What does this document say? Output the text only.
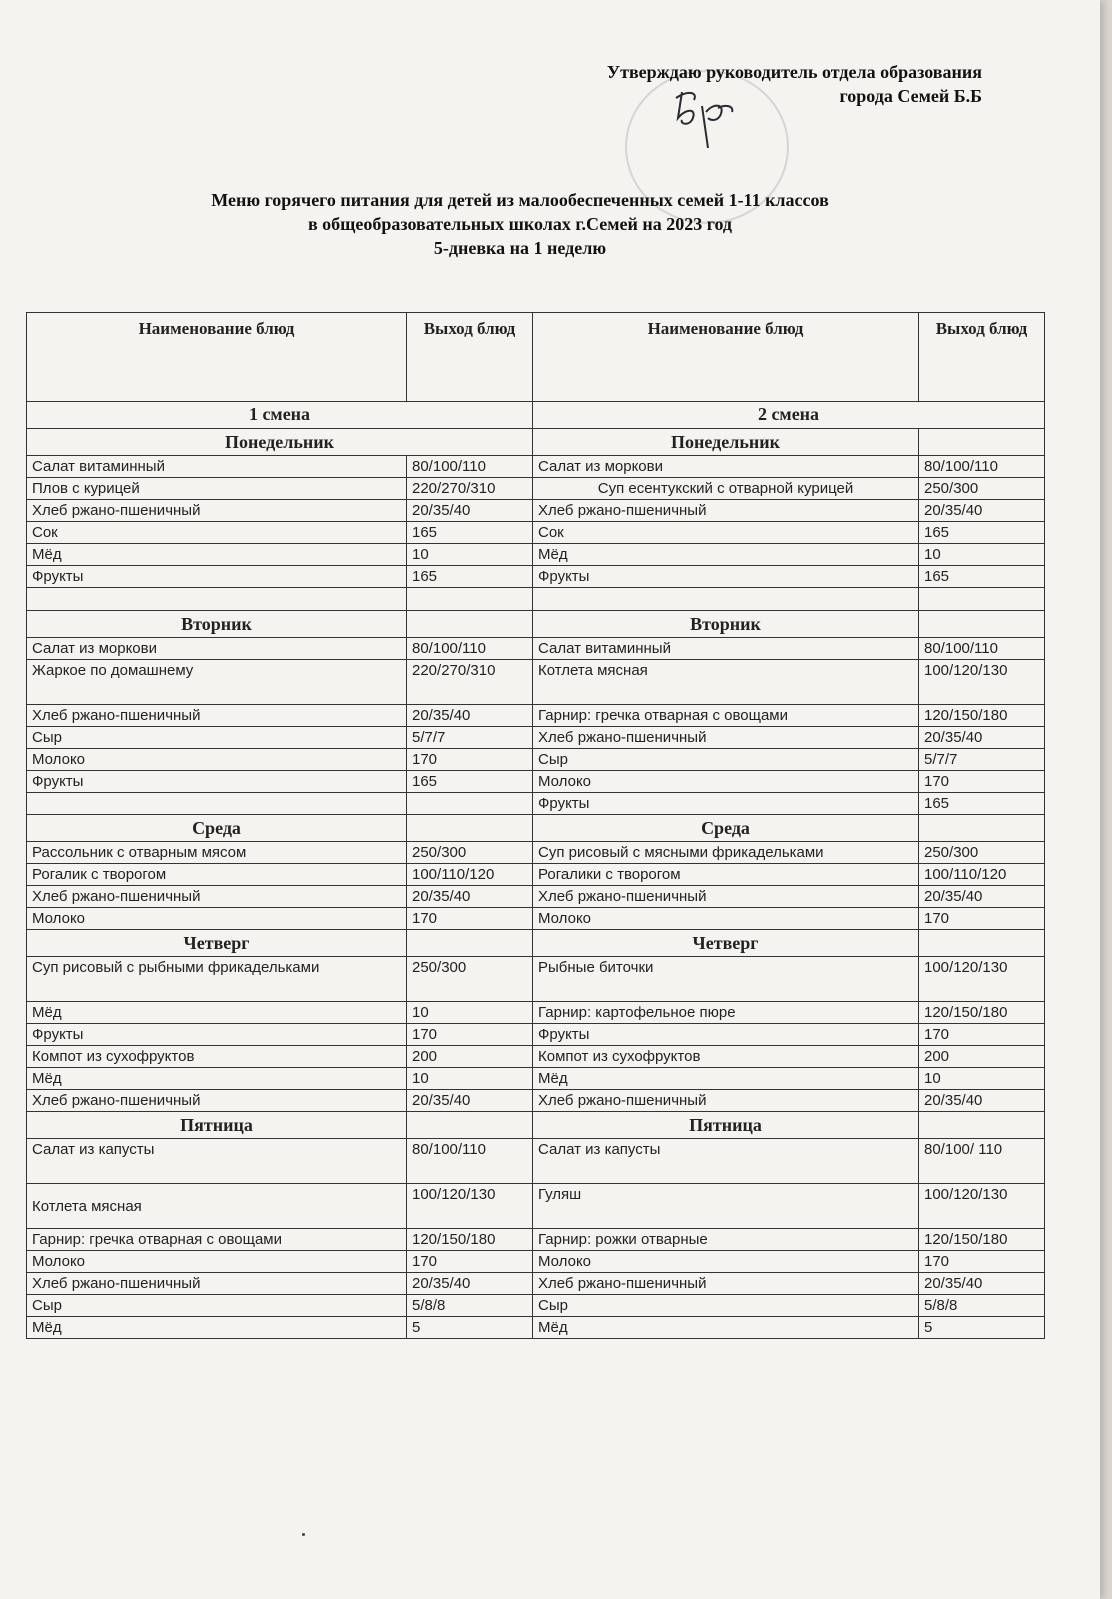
Утверждаю руководитель отдела образования
города Семей Б.Б
Меню горячего питания для детей из малообеспеченных семей 1-11 классов
в общеобразовательных школах г.Семей на 2023 год
5-дневка на 1 неделю
Наименование блюд	Выход блюд	Наименование блюд	Выход блюд
1 смена		2 смена	
Понедельник		Понедельник	
Салат витаминный	80/100/110	Салат из моркови	80/100/110
Плов с курицей	220/270/310	Суп есентукский с отварной курицей	250/300
Хлеб ржано-пшеничный	20/35/40	Хлеб ржано-пшеничный	20/35/40
Сок	165	Сок	165
Мёд	10	Мёд	10
Фрукты	165	Фрукты	165

Вторник		Вторник	
Салат из моркови	80/100/110	Салат витаминный	80/100/110
Жаркое по домашнему	220/270/310	Котлета мясная	100/120/130
Хлеб ржано-пшеничный	20/35/40	Гарнир: гречка отварная с овощами	120/150/180
Сыр	5/7/7	Хлеб ржано-пшеничный	20/35/40
Молоко	170	Сыр	5/7/7
Фрукты	165	Молоко	170
		Фрукты	165
Среда		Среда	
Рассольник с отварным мясом	250/300	Суп рисовый с мясными фрикадельками	250/300
Рогалик с творогом	100/110/120	Рогалики с творогом	100/110/120
Хлеб ржано-пшеничный	20/35/40	Хлеб ржано-пшеничный	20/35/40
Молоко	170	Молоко	170
Четверг		Четверг	
Суп рисовый с рыбными фрикадельками	250/300	Рыбные биточки	100/120/130
Мёд	10	Гарнир: картофельное пюре	120/150/180
Фрукты	170	Фрукты	170
Компот из сухофруктов	200	Компот из сухофруктов	200
Мёд	10	Мёд	10
Хлеб ржано-пшеничный	20/35/40	Хлеб ржано-пшеничный	20/35/40
Пятница		Пятница	
Салат из капусты	80/100/110	Салат из капусты	80/100/ 110
Котлета мясная	100/120/130	Гуляш	100/120/130
Гарнир: гречка отварная с овощами	120/150/180	Гарнир: рожки отварные	120/150/180
Молоко	170	Молоко	170
Хлеб ржано-пшеничный	20/35/40	Хлеб ржано-пшеничный	20/35/40
Сыр	5/8/8	Сыр	5/8/8
Мёд	5	Мёд	5
